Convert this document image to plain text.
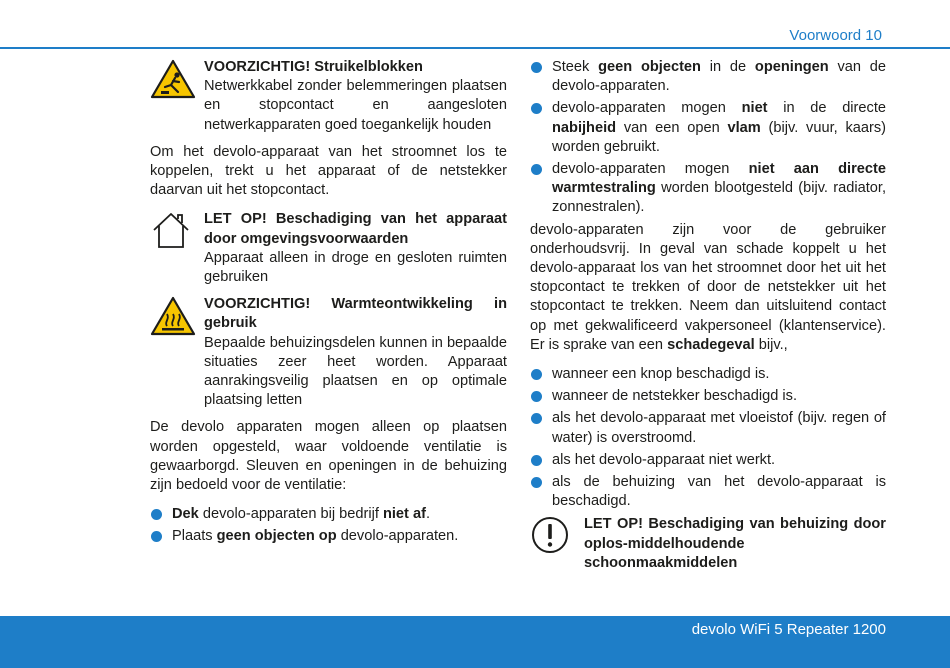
Voorwoord 10
VOORZICHTIG! Struikelblokken
Netwerkkabel zonder belemmeringen plaatsen en stopcontact en aangesloten netwerkapparaten goed toegankelijk houden

Om het devolo-apparaat van het stroomnet los te koppelen, trekt u het apparaat of de netstekker daarvan uit het stopcontact.

LET OP! Beschadiging van het apparaat door omgevingsvoorwaarden
Apparaat alleen in droge en gesloten ruimten gebruiken
VOORZICHTIG! Warmteontwikkeling in gebruik
Bepaalde behuizingsdelen kunnen in bepaalde situaties zeer heet worden. Apparaat aanrakingsveilig plaatsen en op optimale plaatsing letten

De devolo apparaten mogen alleen op plaatsen worden opgesteld, waar voldoende ventilatie is gewaarborgd. Sleuven en openingen in de behuizing zijn bedoeld voor de ventilatie:

Dek devolo-apparaten bij bedrijf niet af.
Plaats geen objecten op devolo-apparaten.
Steek geen objecten in de openingen van de devolo-apparaten.
devolo-apparaten mogen niet in de directe nabijheid van een open vlam (bijv. vuur, kaars) worden gebruikt.
devolo-apparaten mogen niet aan directe warmtestraling worden blootgesteld (bijv. radiator, zonnestralen).

devolo-apparaten zijn voor de gebruiker onderhoudsvrij. In geval van schade koppelt u het devolo-apparaat los van het stroomnet door het uit het stopcontact te trekken of door de netstekker uit het stopcontact te trekken. Neem dan uitsluitend contact op met gekwalificeerd vakpersoneel (klantenservice). Er is sprake van een schadegeval bijv.,

wanneer een knop beschadigd is.
wanneer de netstekker beschadigd is.
als het devolo-apparaat met vloeistof (bijv. regen of water) is overstroomd.
als het devolo-apparaat niet werkt.
als de behuizing van het devolo-apparaat is beschadigd.
LET OP! Beschadiging van behuizing door oplos-middelhoudende schoonmaakmiddelen
devolo WiFi 5 Repeater 1200
